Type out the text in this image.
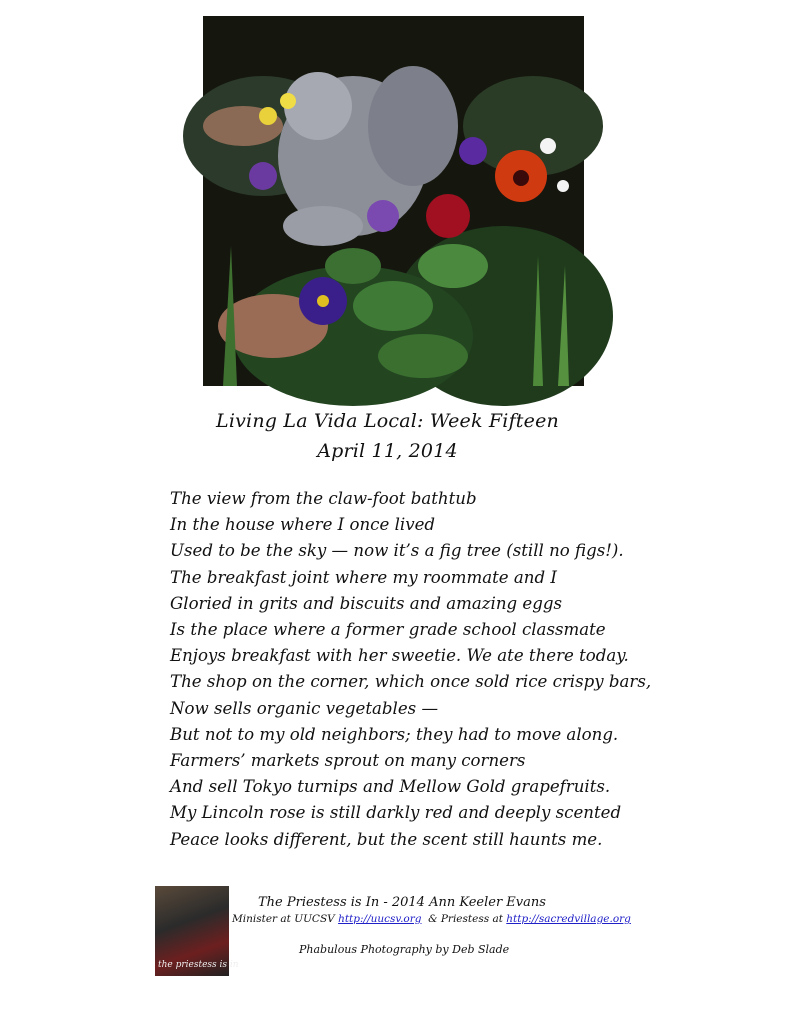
Living La Vida Local: Week Fifteen
April 11, 2014
The view from the claw-foot bathtub
In the house where I once lived
Used to be the sky — now it’s a fig tree (still no figs!).
The breakfast joint where my roommate and I
Gloried in grits and biscuits and amazing eggs
Is the place where a former grade school classmate
Enjoys breakfast with her sweetie. We ate there today.
The shop on the corner, which once sold rice crispy bars,
Now sells organic vegetables —
But not to my old neighbors; they had to move along.
Farmers’ markets sprout on many corners
And sell Tokyo turnips and Mellow Gold grapefruits.
My Lincoln rose is still darkly red and deeply scented
Peace looks different, but the scent still haunts me.
the priestess is in
The Priestess is In - 2014 Ann Keeler Evans
Minister at UUCSV http://uucsv.org  & Priestess at http://sacredvillage.org
Phabulous Photography by Deb Slade
